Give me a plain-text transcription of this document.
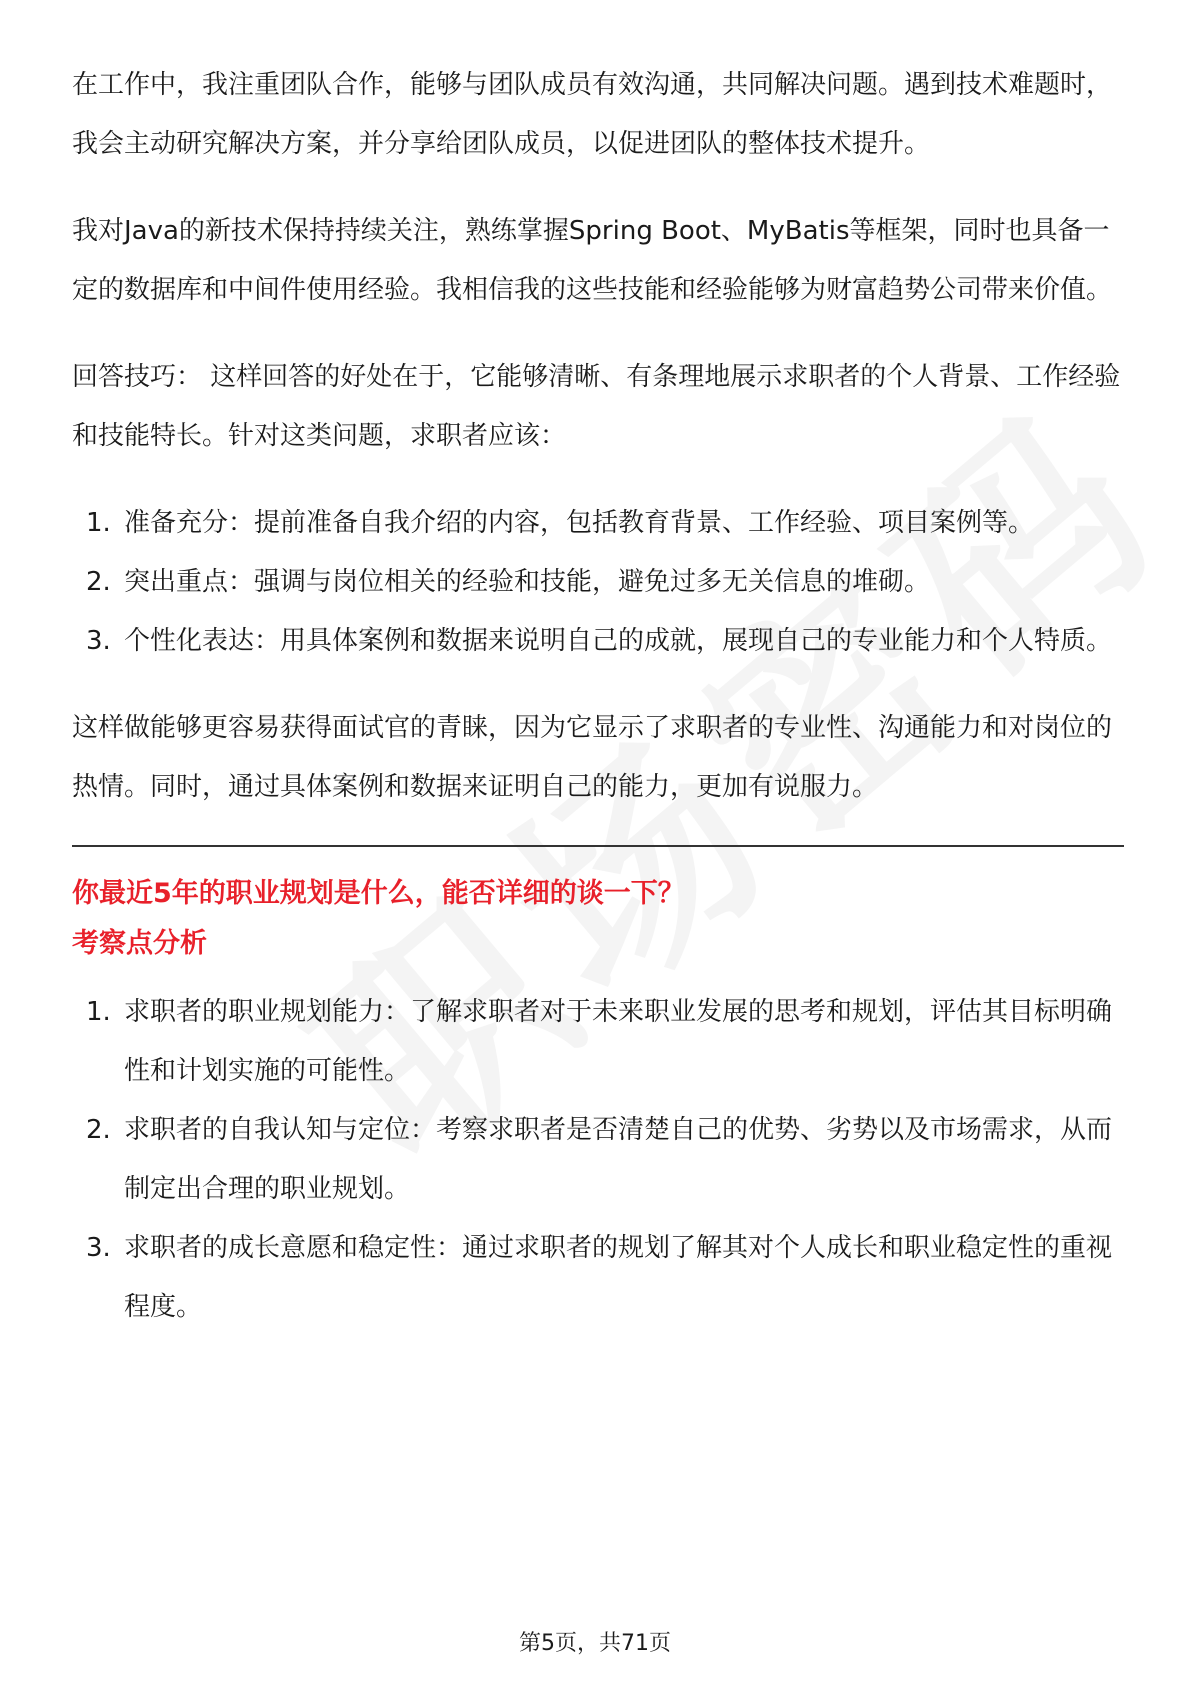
在工作中，我注重团队合作，能够与团队成员有效沟通，共同解决问题。遇到技术难题时，我会主动研究解决方案，并分享给团队成员，以促进团队的整体技术提升。

我对Java的新技术保持持续关注，熟练掌握Spring Boot、MyBatis等框架，同时也具备一定的数据库和中间件使用经验。我相信我的这些技能和经验能够为财富趋势公司带来价值。

回答技巧： 这样回答的好处在于，它能够清晰、有条理地展示求职者的个人背景、工作经验和技能特长。针对这类问题，求职者应该：

1. 准备充分：提前准备自我介绍的内容，包括教育背景、工作经验、项目案例等。
2. 突出重点：强调与岗位相关的经验和技能，避免过多无关信息的堆砌。
3. 个性化表达：用具体案例和数据来说明自己的成就，展现自己的专业能力和个人特质。

这样做能够更容易获得面试官的青睐，因为它显示了求职者的专业性、沟通能力和对岗位的热情。同时，通过具体案例和数据来证明自己的能力，更加有说服力。

你最近5年的职业规划是什么，能否详细的谈一下？

考察点分析

1. 求职者的职业规划能力：了解求职者对于未来职业发展的思考和规划，评估其目标明确性和计划实施的可能性。
2. 求职者的自我认知与定位：考察求职者是否清楚自己的优势、劣势以及市场需求，从而制定出合理的职业规划。
3. 求职者的成长意愿和稳定性：通过求职者的规划了解其对个人成长和职业稳定性的重视程度。
第5页，共71页
